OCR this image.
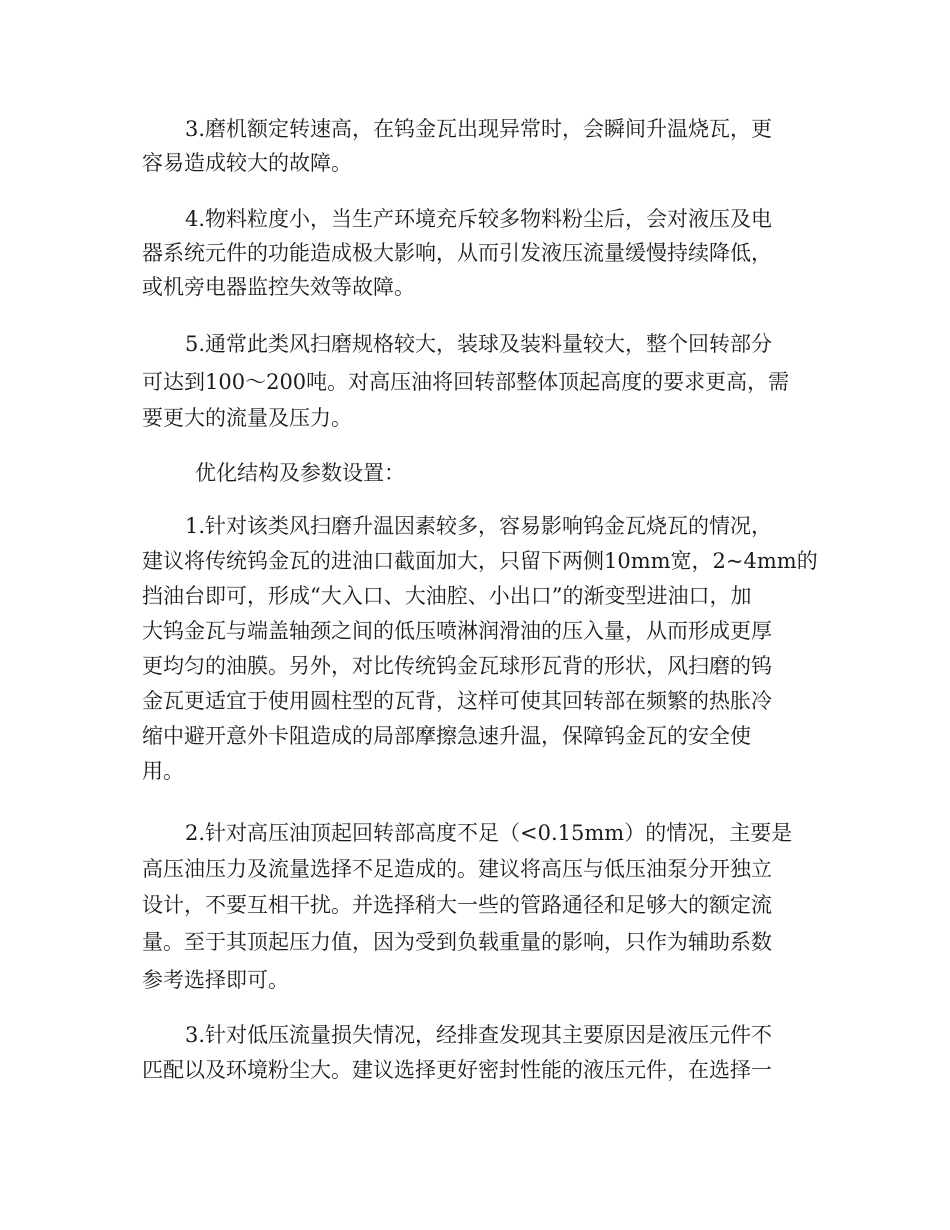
3.磨机额定转速高，在钨金瓦出现异常时，会瞬间升温烧瓦，更
容易造成较大的故障。
4.物料粒度小，当生产环境充斥较多物料粉尘后，会对液压及电
器系统元件的功能造成极大影响，从而引发液压流量缓慢持续降低，
或机旁电器监控失效等故障。
5.通常此类风扫磨规格较大，装球及装料量较大，整个回转部分
可达到100～200吨。对高压油将回转部整体顶起高度的要求更高，需
要更大的流量及压力。
优化结构及参数设置：
1.针对该类风扫磨升温因素较多，容易影响钨金瓦烧瓦的情况，
建议将传统钨金瓦的进油口截面加大，只留下两侧10mm宽，2~4mm的
挡油台即可，形成“大入口、大油腔、小出口”的渐变型进油口，加
大钨金瓦与端盖轴颈之间的低压喷淋润滑油的压入量，从而形成更厚
更均匀的油膜。另外，对比传统钨金瓦球形瓦背的形状，风扫磨的钨
金瓦更适宜于使用圆柱型的瓦背，这样可使其回转部在频繁的热胀冷
缩中避开意外卡阻造成的局部摩擦急速升温，保障钨金瓦的安全使
用。
2.针对高压油顶起回转部高度不足（<0.15mm）的情况，主要是
高压油压力及流量选择不足造成的。建议将高压与低压油泵分开独立
设计，不要互相干扰。并选择稍大一些的管路通径和足够大的额定流
量。至于其顶起压力值，因为受到负载重量的影响，只作为辅助系数
参考选择即可。
3.针对低压流量损失情况，经排查发现其主要原因是液压元件不
匹配以及环境粉尘大。建议选择更好密封性能的液压元件，在选择一
